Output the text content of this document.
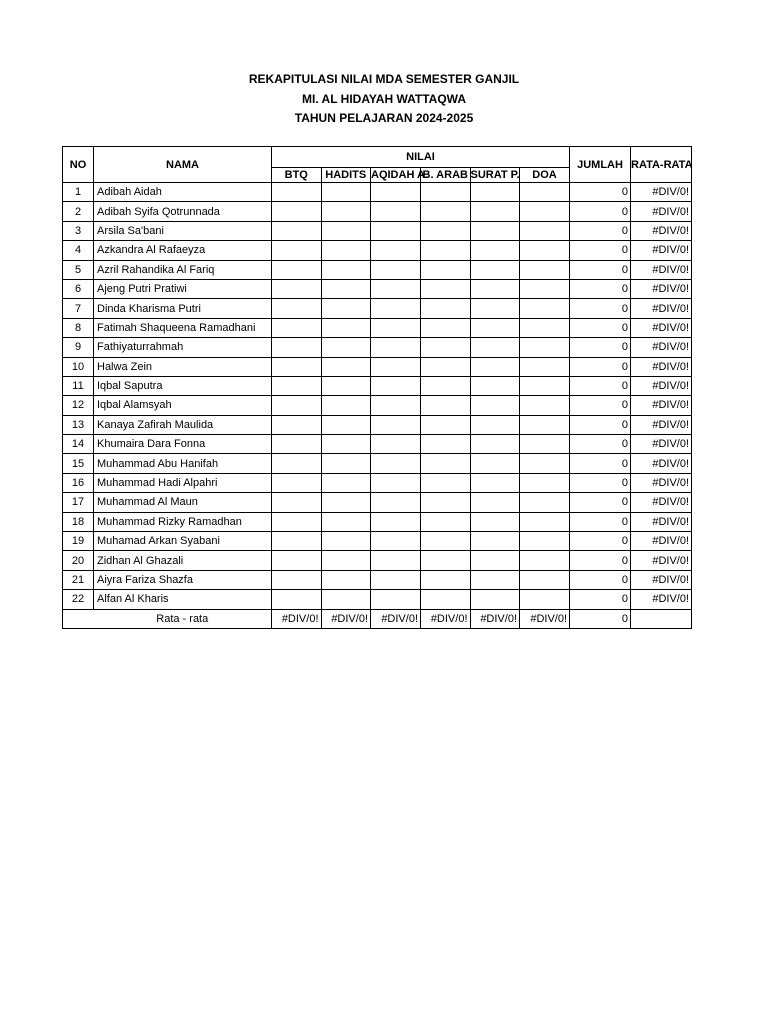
REKAPITULASI NILAI MDA SEMESTER GANJIL
MI. AL HIDAYAH WATTAQWA
TAHUN PELAJARAN 2024-2025
NO	NAMA	NILAI						JUMLAH	RATA-RATA
		BTQ	HADITS	AQIDAH A.	B. ARAB	SURAT P.	DOA		
1	Adibah Aidah							0	#DIV/0!
2	Adibah Syifa Qotrunnada							0	#DIV/0!
3	Arsila Sa'bani							0	#DIV/0!
4	Azkandra Al Rafaeyza							0	#DIV/0!
5	Azril Rahandika Al Fariq							0	#DIV/0!
6	Ajeng Putri Pratiwi							0	#DIV/0!
7	Dinda Kharisma Putri							0	#DIV/0!
8	Fatimah Shaqueena Ramadhani							0	#DIV/0!
9	Fathiyaturrahmah							0	#DIV/0!
10	Halwa Zein							0	#DIV/0!
11	Iqbal Saputra							0	#DIV/0!
12	Iqbal Alamsyah							0	#DIV/0!
13	Kanaya Zafirah Maulida							0	#DIV/0!
14	Khumaira Dara Fonna							0	#DIV/0!
15	Muhammad Abu Hanifah							0	#DIV/0!
16	Muhammad Hadi Alpahri							0	#DIV/0!
17	Muhammad Al Maun							0	#DIV/0!
18	Muhammad Rizky Ramadhan							0	#DIV/0!
19	Muhamad Arkan Syabani							0	#DIV/0!
20	Zidhan Al Ghazali							0	#DIV/0!
21	Aiyra Fariza Shazfa							0	#DIV/0!
22	Alfan Al Kharis							0	#DIV/0!
	Rata - rata	#DIV/0!	#DIV/0!	#DIV/0!	#DIV/0!	#DIV/0!	#DIV/0!	0	
